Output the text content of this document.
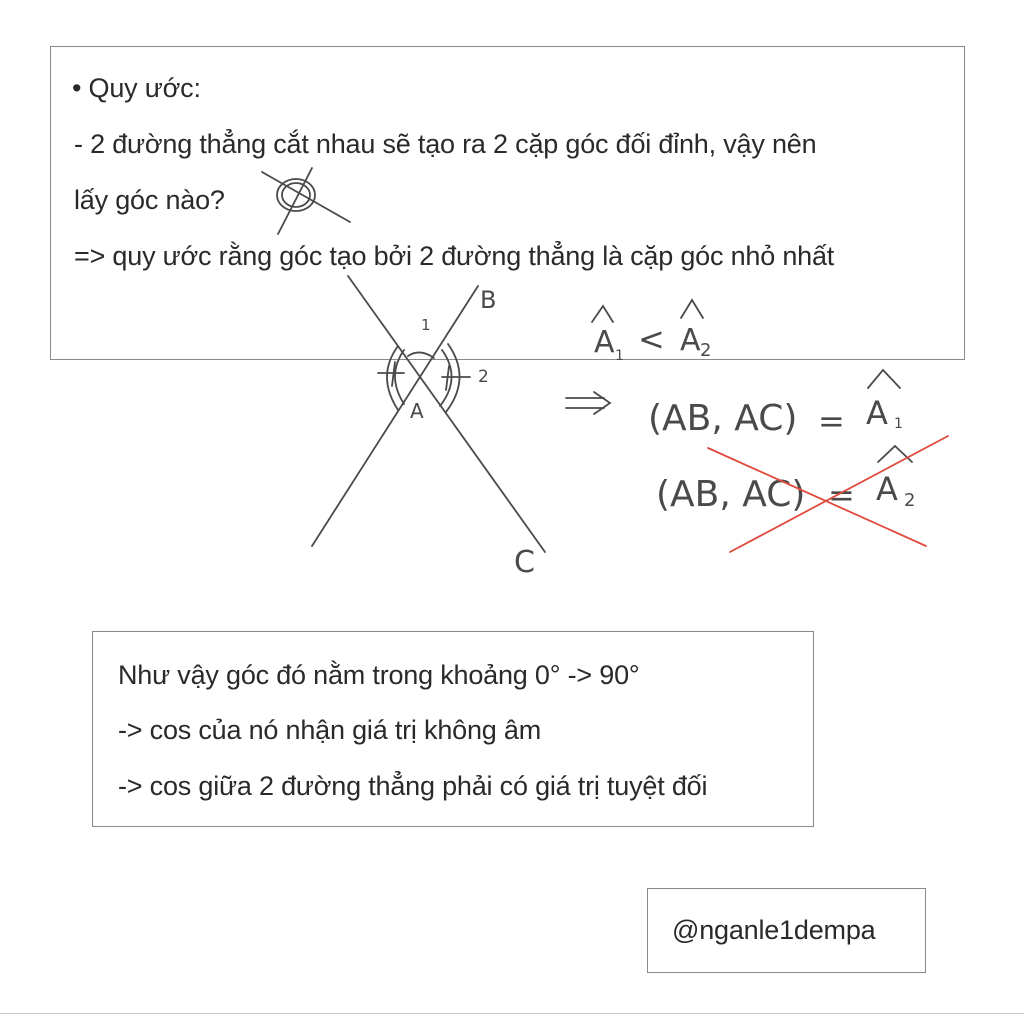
• Quy ước:
- 2 đường thẳng cắt nhau sẽ tạo ra 2 cặp góc đối đỉnh, vậy nên
lấy góc nào?
=> quy ước rằng góc tạo bởi 2 đường thẳng là cặp góc nhỏ nhất
B
C
A
1
2
A 1 < A 2
(AB, AC) = A 1
(AB, AC) = A 2
Như vậy góc đó nằm trong khoảng 0° -> 90°
-> cos của nó nhận giá trị không âm
-> cos giữa 2 đường thẳng phải có giá trị tuyệt đối
@nganle1dempa
